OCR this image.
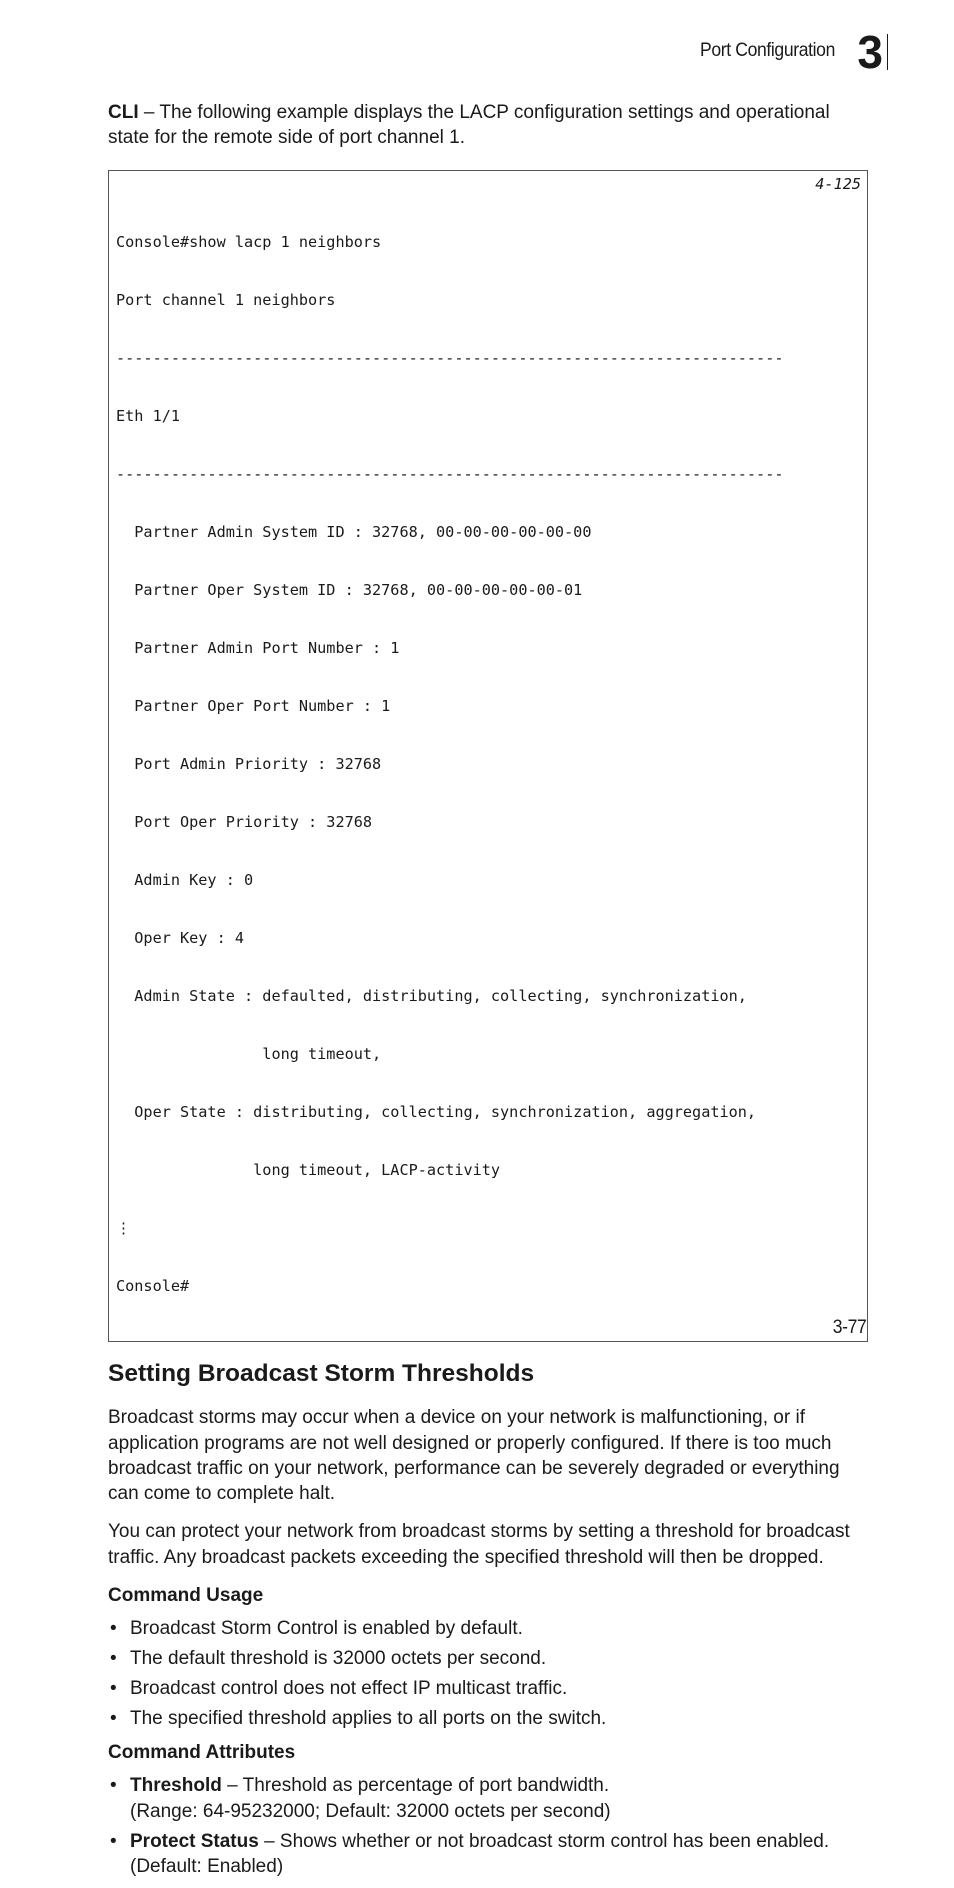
Port Configuration 3

CLI – The following example displays the LACP configuration settings and operational state for the remote side of port channel 1.

4-125

Console#show lacp 1 neighbors

Port channel 1 neighbors

-------------------------------------------------------------------------

Eth 1/1

-------------------------------------------------------------------------

Partner Admin System ID : 32768, 00-00-00-00-00-00

Partner Oper System ID : 32768, 00-00-00-00-00-01

Partner Admin Port Number : 1

Partner Oper Port Number : 1

Port Admin Priority : 32768

Port Oper Priority : 32768

Admin Key : 0

Oper Key : 4

Admin State : defaulted, distributing, collecting, synchronization,

long timeout,

Oper State : distributing, collecting, synchronization, aggregation,

long timeout, LACP-activity

⋮

Console#

Setting Broadcast Storm Thresholds

Broadcast storms may occur when a device on your network is malfunctioning, or if application programs are not well designed or properly configured. If there is too much broadcast traffic on your network, performance can be severely degraded or everything can come to complete halt.

You can protect your network from broadcast storms by setting a threshold for broadcast traffic. Any broadcast packets exceeding the specified threshold will then be dropped.

Command Usage
• Broadcast Storm Control is enabled by default.
• The default threshold is 32000 octets per second.
• Broadcast control does not effect IP multicast traffic.
• The specified threshold applies to all ports on the switch.
Command Attributes
• Threshold – Threshold as percentage of port bandwidth.
(Range: 64-95232000; Default: 32000 octets per second)
• Protect Status – Shows whether or not broadcast storm control has been enabled.
(Default: Enabled)
3-77
